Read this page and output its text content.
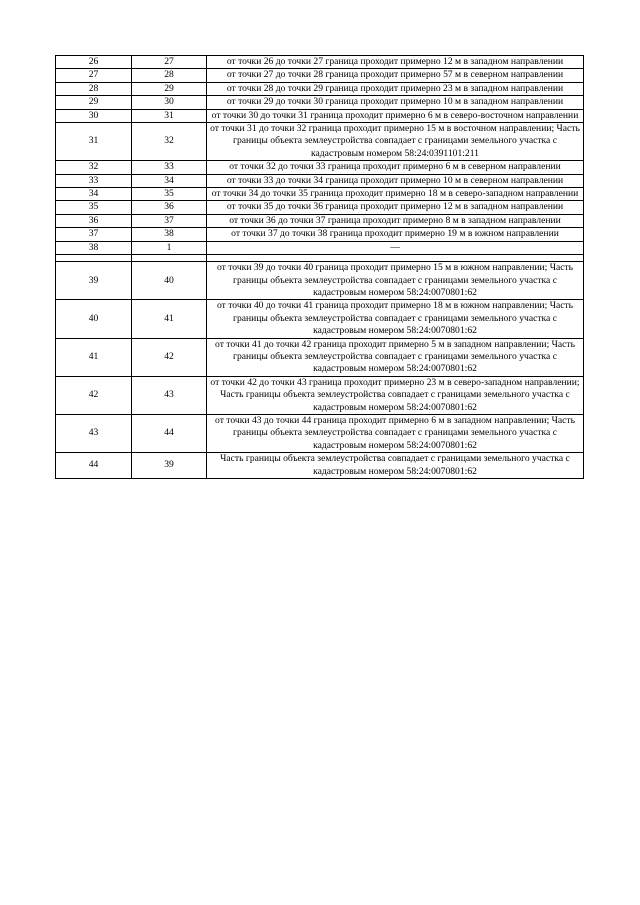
26	27	от точки 26 до точки 27 граница проходит примерно 12 м в западном направлении
27	28	от точки 27 до точки 28 граница проходит примерно 57 м в северном направлении
28	29	от точки 28 до точки 29 граница проходит примерно 23 м в западном направлении
29	30	от точки 29 до точки 30 граница проходит примерно 10 м в западном направлении
30	31	от точки 30 до точки 31 граница проходит примерно 6 м в северо-восточном направлении
31	32	от точки 31 до точки 32 граница проходит примерно 15 м в восточном направлении; Часть границы объекта землеустройства совпадает с границами земельного участка с кадастровым номером 58:24:0391101:211
32	33	от точки 32 до точки 33 граница проходит примерно 6 м в северном направлении
33	34	от точки 33 до точки 34 граница проходит примерно 10 м в северном направлении
34	35	от точки 34 до точки 35 граница проходит примерно 18 м в северо-западном направлении
35	36	от точки 35 до точки 36 граница проходит примерно 12 м в западном направлении
36	37	от точки 36 до точки 37 граница проходит примерно 8 м в западном направлении
37	38	от точки 37 до точки 38 граница проходит примерно 19 м в южном направлении
38	1	—

39	40	от точки 39 до точки 40 граница проходит примерно 15 м в южном направлении; Часть границы объекта землеустройства совпадает с границами земельного участка с кадастровым номером 58:24:0070801:62
40	41	от точки 40 до точки 41 граница проходит примерно 18 м в южном направлении; Часть границы объекта землеустройства совпадает с границами земельного участка с кадастровым номером 58:24:0070801:62
41	42	от точки 41 до точки 42 граница проходит примерно 5 м в западном направлении; Часть границы объекта землеустройства совпадает с границами земельного участка с кадастровым номером 58:24:0070801:62
42	43	от точки 42 до точки 43 граница проходит примерно 23 м в северо-западном направлении; Часть границы объекта землеустройства совпадает с границами земельного участка с кадастровым номером 58:24:0070801:62
43	44	от точки 43 до точки 44 граница проходит примерно 6 м в западном направлении; Часть границы объекта землеустройства совпадает с границами земельного участка с кадастровым номером 58:24:0070801:62
44	39	Часть границы объекта землеустройства совпадает с границами земельного участка с кадастровым номером 58:24:0070801:62
